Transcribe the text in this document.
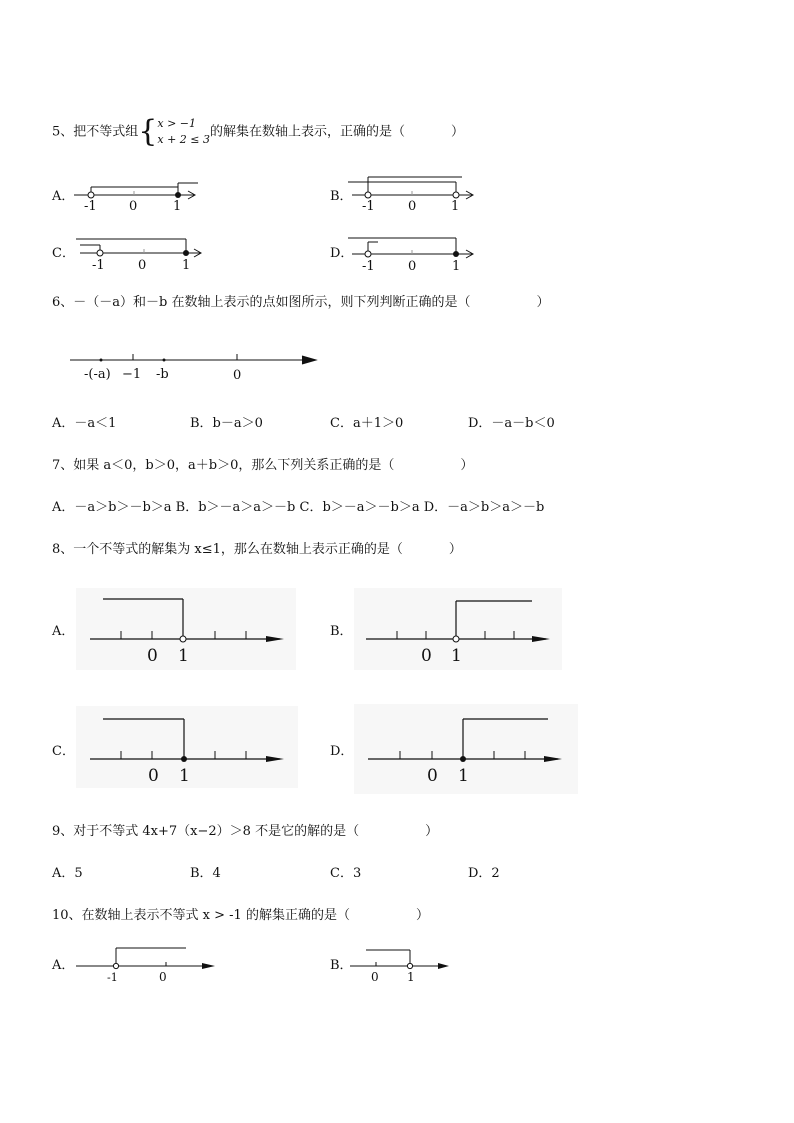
5、把不等式组{x > −1
x + 2 ≤ 3的解集在数轴上表示，正确的是（	）
A．
-1 0	1
B．
-1	0	1
C．
-1	0	1
D．
-1	0	1
6、－（－a）和－b 在数轴上表示的点如图所示，则下列判断正确的是（	）
-(-a) −1 -b	0
A．－a＜1	B．b－a＞0	C．a＋1＞0	D．－a－b＜0
7、如果 a＜0，b＞0，a＋b＞0，那么下列关系正确的是（	）
A．－a＞b＞－b＞a B．b＞－a＞a＞－b C．b＞－a＞－b＞a D．－a＞b＞a＞－b
8、一个不等式的解集为 x≤1，那么在数轴上表示正确的是（	）
A．
0 1
B．
0 1
C．
0 1
D．
0 1
9、对于不等式 4x+7（x−2）＞8 不是它的解的是（	）
A．5	B．4	C．3	D．2
10、在数轴上表示不等式 x > -1 的解集正确的是（	）
A．
-1	0
B．
0 1
